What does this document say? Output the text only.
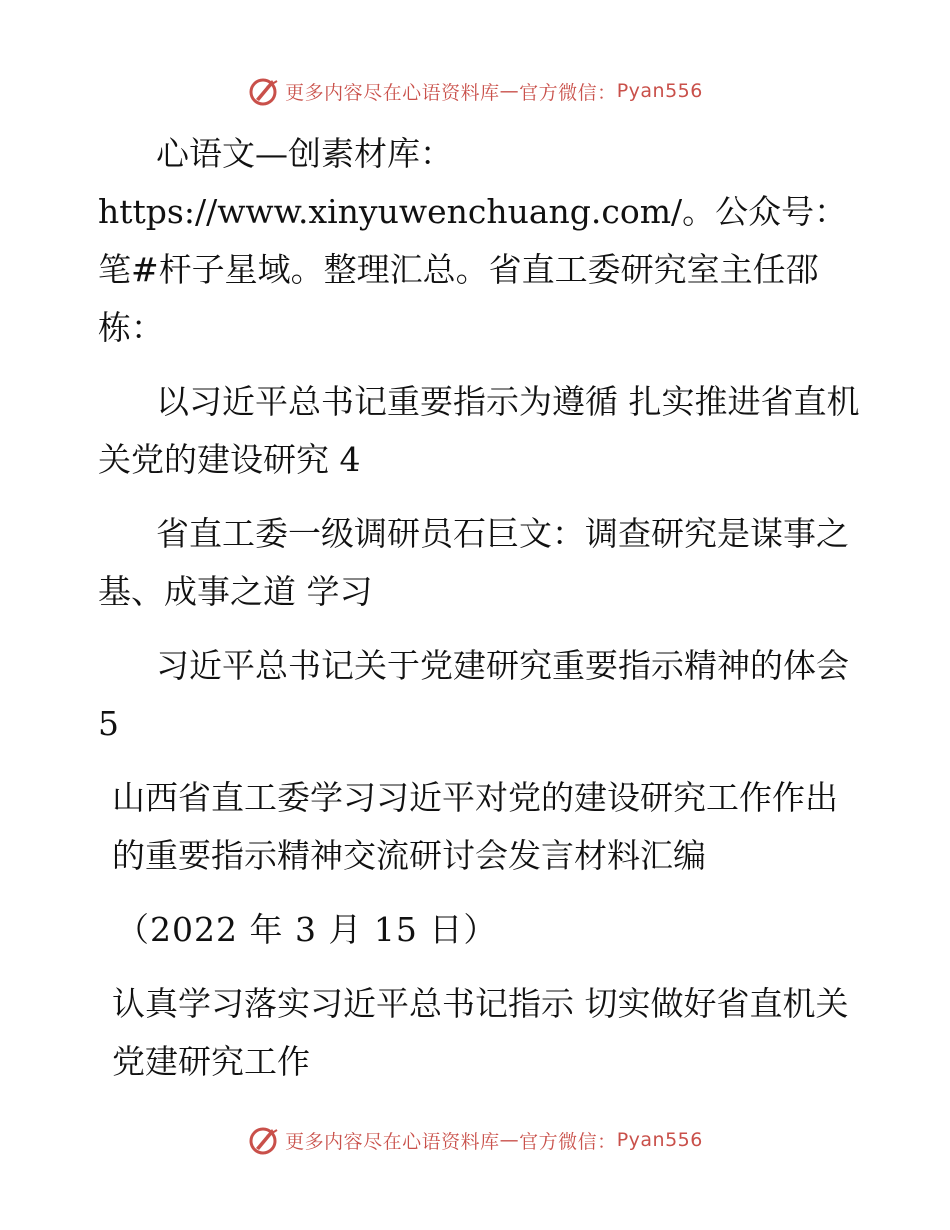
更多内容尽在心语资料库 — 官方微信： Pyan556

心语文—创素材库：https://www.xinyuwenchuang.com/。公众号：笔#杆子星域。整理汇总。省直工委研究室主任邵栋：

以习近平总书记重要指示为遵循 扎实推进省直机关党的建设研究 4

省直工委一级调研员石巨文：调查研究是谋事之基、成事之道 学习

习近平总书记关于党建研究重要指示精神的体会 5

山西省直工委学习习近平对党的建设研究工作作出的重要指示精神交流研讨会发言材料汇编

（2022 年 3 月 15 日）

认真学习落实习近平总书记指示 切实做好省直机关党建研究工作

更多内容尽在心语资料库 — 官方微信： Pyan556
